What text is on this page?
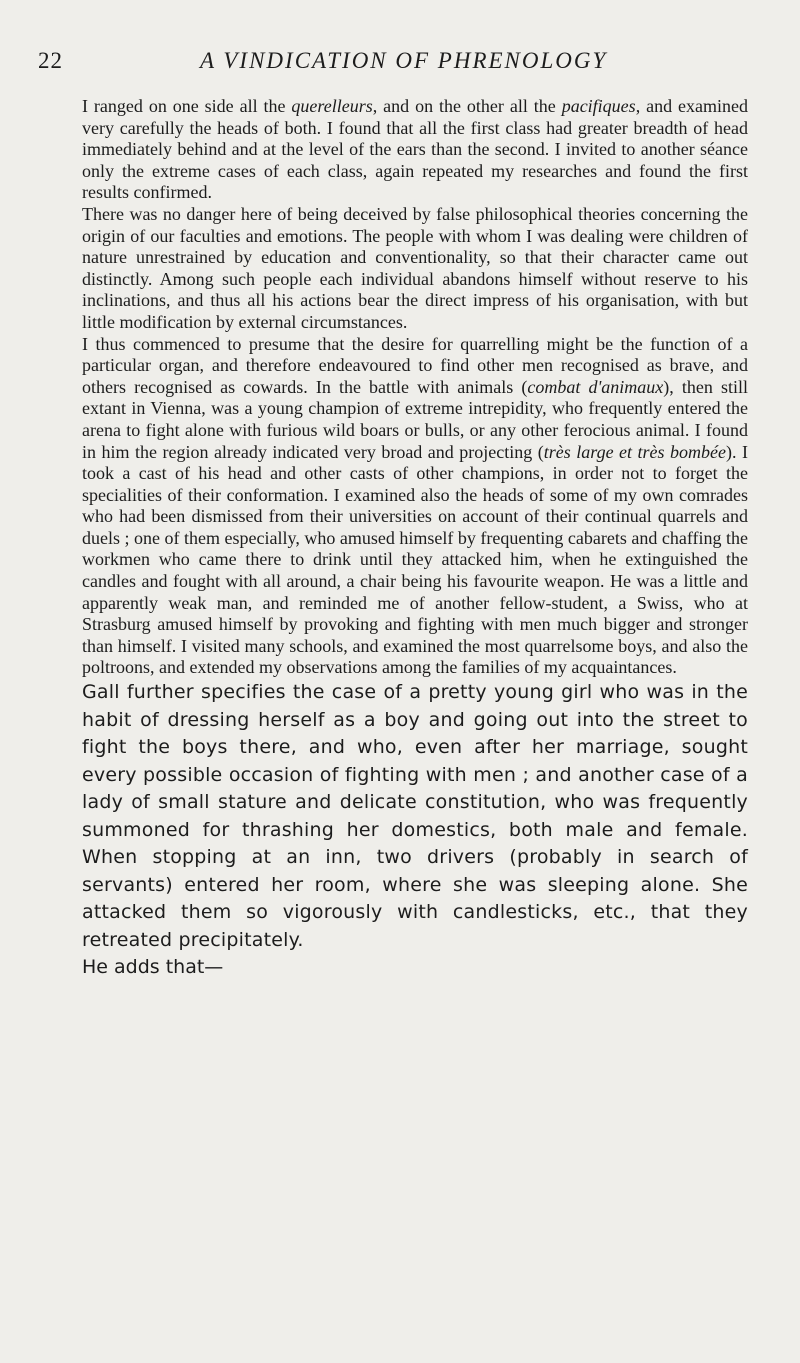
22	A VINDICATION OF PHRENOLOGY

I ranged on one side all the querelleurs, and on the other all the pacifiques, and examined very carefully the heads of both. I found that all the first class had greater breadth of head immediately behind and at the level of the ears than the second. I invited to another séance only the extreme cases of each class, again repeated my researches and found the first results confirmed.

There was no danger here of being deceived by false philosophical theories concerning the origin of our faculties and emotions. The people with whom I was dealing were children of nature unrestrained by education and conventionality, so that their character came out distinctly. Among such people each individual abandons himself without reserve to his inclinations, and thus all his actions bear the direct impress of his organisation, with but little modification by external circumstances.

I thus commenced to presume that the desire for quarrelling might be the function of a particular organ, and therefore endeavoured to find other men recognised as brave, and others recognised as cowards. In the battle with animals (combat d'animaux), then still extant in Vienna, was a young champion of extreme intrepidity, who frequently entered the arena to fight alone with furious wild boars or bulls, or any other ferocious animal. I found in him the region already indicated very broad and projecting (très large et très bombée). I took a cast of his head and other casts of other champions, in order not to forget the specialities of their conformation. I examined also the heads of some of my own comrades who had been dismissed from their universities on account of their continual quarrels and duels ; one of them especially, who amused himself by frequenting cabarets and chaffing the workmen who came there to drink until they attacked him, when he extinguished the candles and fought with all around, a chair being his favourite weapon. He was a little and apparently weak man, and reminded me of another fellow-student, a Swiss, who at Strasburg amused himself by provoking and fighting with men much bigger and stronger than himself. I visited many schools, and examined the most quarrelsome boys, and also the poltroons, and extended my observations among the families of my acquaintances.

Gall further specifies the case of a pretty young girl who was in the habit of dressing herself as a boy and going out into the street to fight the boys there, and who, even after her marriage, sought every possible occasion of fighting with men ; and another case of a lady of small stature and delicate constitution, who was frequently summoned for thrashing her domestics, both male and female. When stopping at an inn, two drivers (probably in search of servants) entered her room, where she was sleeping alone. She attacked them so vigorously with candlesticks, etc., that they retreated precipitately.

He adds that—
